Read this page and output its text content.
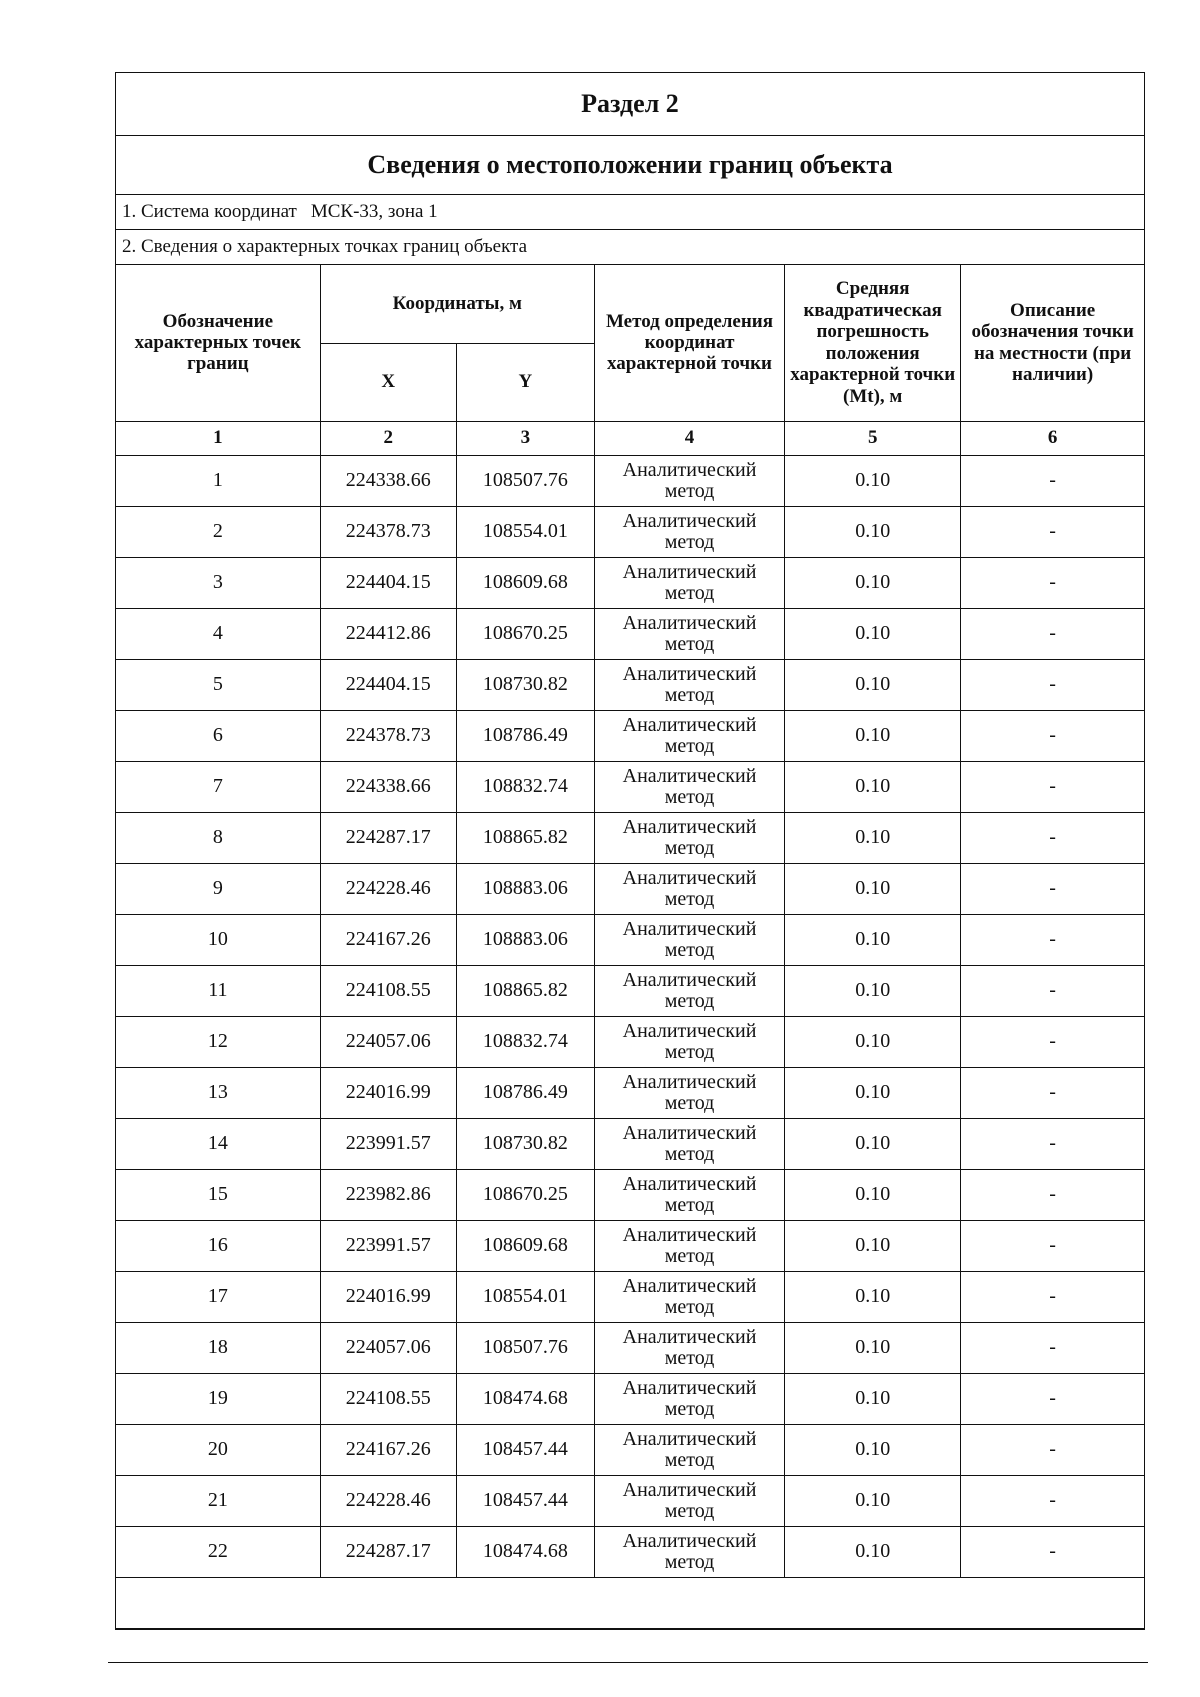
Раздел 2
Сведения о местоположении границ объекта
1. Система координат МСК-33, зона 1
2. Сведения о характерных точках границ объекта
Обозначение характерных точек границ	Координаты, м		Метод определения координат характерной точки	Средняя квадратическая погрешность положения характерной точки (Mt), м	Описание обозначения точки на местности (при наличии)
	X	Y			
1	2	3	4	5	6
1	224338.66	108507.76	Аналитический метод	0.10	-
2	224378.73	108554.01	Аналитический метод	0.10	-
3	224404.15	108609.68	Аналитический метод	0.10	-
4	224412.86	108670.25	Аналитический метод	0.10	-
5	224404.15	108730.82	Аналитический метод	0.10	-
6	224378.73	108786.49	Аналитический метод	0.10	-
7	224338.66	108832.74	Аналитический метод	0.10	-
8	224287.17	108865.82	Аналитический метод	0.10	-
9	224228.46	108883.06	Аналитический метод	0.10	-
10	224167.26	108883.06	Аналитический метод	0.10	-
11	224108.55	108865.82	Аналитический метод	0.10	-
12	224057.06	108832.74	Аналитический метод	0.10	-
13	224016.99	108786.49	Аналитический метод	0.10	-
14	223991.57	108730.82	Аналитический метод	0.10	-
15	223982.86	108670.25	Аналитический метод	0.10	-
16	223991.57	108609.68	Аналитический метод	0.10	-
17	224016.99	108554.01	Аналитический метод	0.10	-
18	224057.06	108507.76	Аналитический метод	0.10	-
19	224108.55	108474.68	Аналитический метод	0.10	-
20	224167.26	108457.44	Аналитический метод	0.10	-
21	224228.46	108457.44	Аналитический метод	0.10	-
22	224287.17	108474.68	Аналитический метод	0.10	-
